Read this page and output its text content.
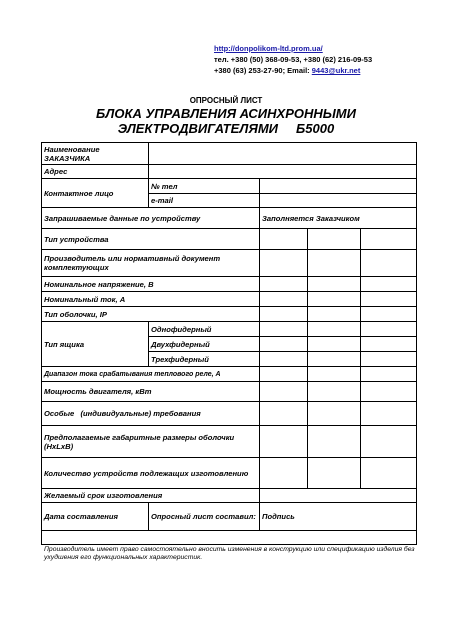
http://donpolikom-ltd.prom.ua/
тел. +380 (50) 368-09-53, +380 (62) 216-09-53
+380 (63) 253-27-90; Email: 9443@ukr.net
ОПРОСНЫЙ ЛИСТ
БЛОКА УПРАВЛЕНИЯ АСИНХРОННЫМИ
ЭЛЕКТРОДВИГАТЕЛЯМИ     Б5000
Наименование ЗАКАЗЧИКА				
Адрес				
Контактное лицо	№ тел			
	e-mail			
Запрашиваемые данные по устройству		Заполняется Заказчиком		
Тип устройства				
Производитель или нормативный документ комплектующих				
Номинальное напряжение, В				
Номинальный ток, А				
Тип оболочки, IP				
Тип ящика	Однофидерный			
	Двухфидерный			
	Трехфидерный			
Диапазон тока срабатывания теплового реле, А				
Мощность двигателя, кВт				
Особые   (индивидуальные) требования				
Предполагаемые габаритные размеры оболочки (НхLхВ)				
Количество устройств подлежащих изготовлению				
Желаемый срок изготовления				
Дата составления	Опросный лист составил:	Подпись		

Производитель имеет право самостоятельно вносить изменения в конструкцию или спецификацию изделия без ухудшения его функциональных характеристик.
